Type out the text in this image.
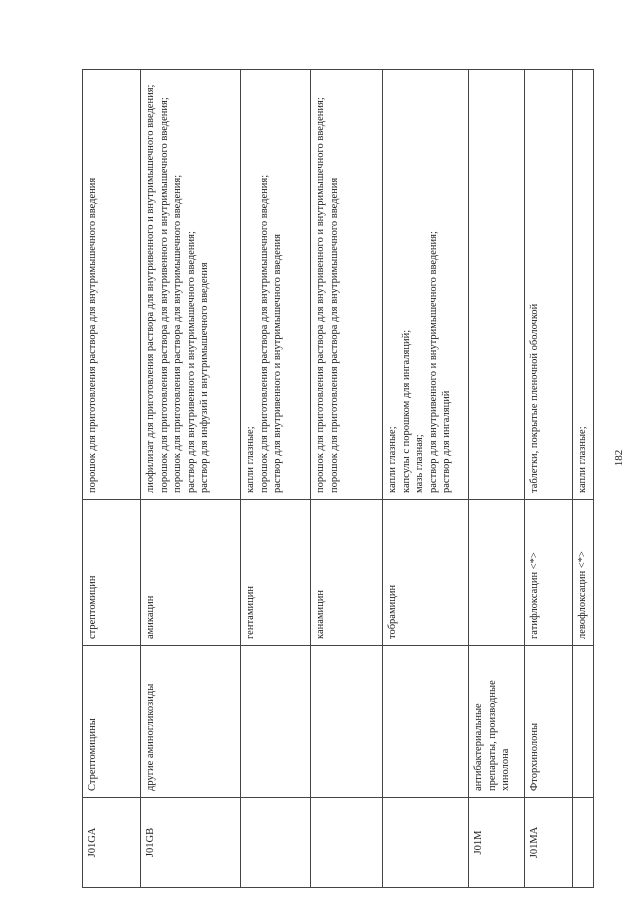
J01GA	Стрептомицины	стрептомицин	порошок для приготовления раствора для внутримышечного введения

J01GB	другие аминогликозиды	амикацин	лиофилизат для приготовления раствора для внутривенного и внутримышечного введения; порошок для приготовления раствора для внутривенного и внутримышечного введения; порошок для приготовления раствора для внутримышечного введения; раствор для внутривенного и внутримышечного введения; раствор для инфузий и внутримышечного введения

		гентамицин	капли глазные; порошок для приготовления раствора для внутримышечного введения; раствор для внутривенного и внутримышечного введения

		канамицин	порошок для приготовления раствора для внутривенного и внутримышечного введения; порошок для приготовления раствора для внутримышечного введения

		тобрамицин	капли глазные; капсулы с порошком для ингаляций; мазь глазная; раствор для внутривенного и внутримышечного введения; раствор для ингаляций

J01M	антибактериальные препараты, производные хинолона		
J01MA	Фторхинолоны	гатифлоксацин <*>	таблетки, покрытые пленочной оболочкой

		левофлоксацин <*>	капли глазные; 182
